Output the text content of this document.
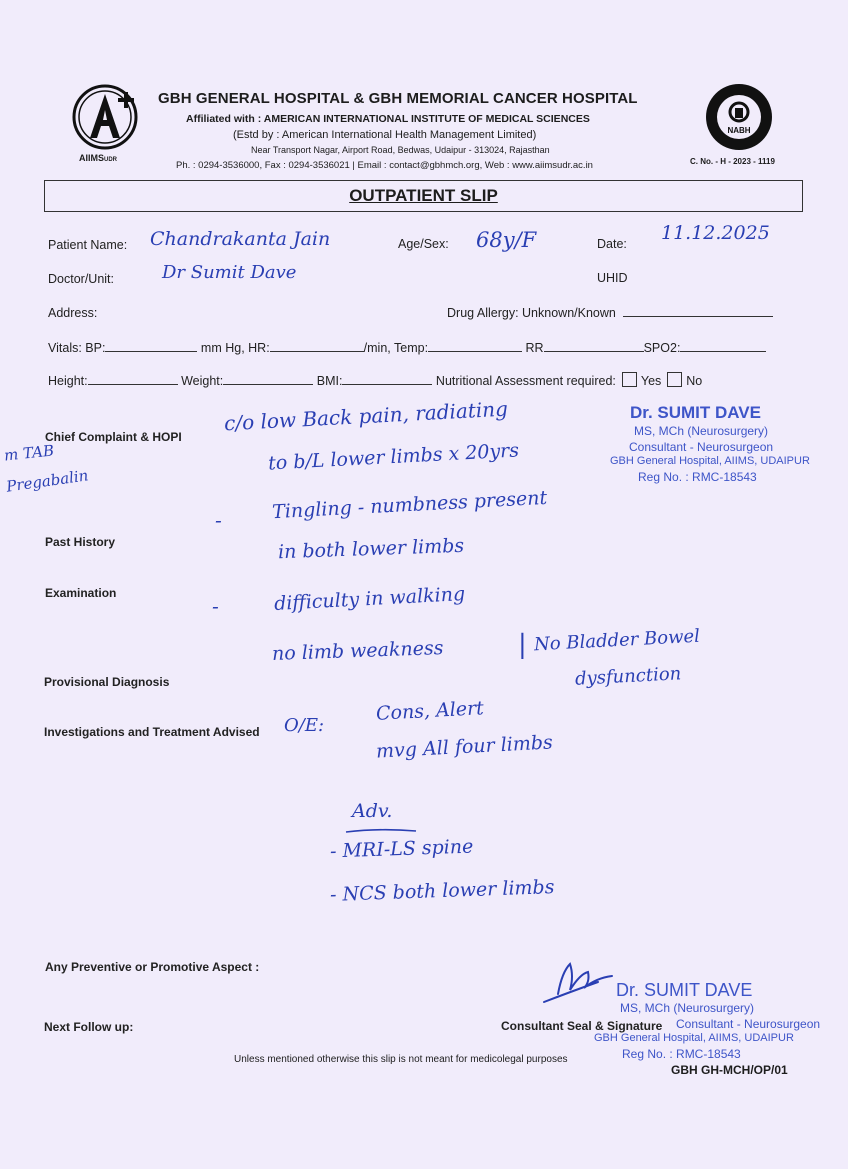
AIIMSUDR
GBH GENERAL HOSPITAL & GBH MEMORIAL CANCER HOSPITAL
Affiliated with : AMERICAN INTERNATIONAL INSTITUTE OF MEDICAL SCIENCES
(Estd by : American International Health Management Limited)
Near Transport Nagar, Airport Road, Bedwas, Udaipur - 313024, Rajasthan
Ph. : 0294-3536000, Fax : 0294-3536021 | Email : contact@gbhmch.org, Web : www.aiimsudr.ac.in
NABH
C. No. - H - 2023 - 1119
OUTPATIENT SLIP
Patient Name: Chandrakanta Jain	Age/Sex: 68y/F	Date: 11.12.2025
Doctor/Unit:	Dr Sumit Dave	UHID
Address:	Drug Allergy: Unknown/Known
Vitals: BP:	mm Hg, HR:	/min, Temp:	RR	SPO2:
Height:	Weight:	BMI:	Nutritional Assessment required: Yes No
Chief Complaint & HOPI
Past History
Examination
Provisional Diagnosis
Investigations and Treatment Advised
Any Preventive or Promotive Aspect :
Next Follow up:	Consultant Seal & Signature
m TAB
Pregabalin
c/o low Back pain, radiating
to b/L lower limbs x 20yrs
-	Tingling - numbness present
in both lower limbs
-	difficulty in walking
no limb weakness	| No Bladder Bowel
dysfunction
O/E:
Cons, Alert
mvg All four limbs
Adv.
- MRI-LS spine
- NCS both lower limbs
Dr. SUMIT DAVE
MS, MCh (Neurosurgery)
Consultant - Neurosurgeon
GBH General Hospital, AIIMS, UDAIPUR
Reg No. : RMC-18543
Dr. SUMIT DAVE
MS, MCh (Neurosurgery)
Consultant - Neurosurgeon
GBH General Hospital, AIIMS, UDAIPUR
Reg No. : RMC-18543
Unless mentioned otherwise this slip is not meant for medicolegal purposes
GBH GH-MCH/OP/01
